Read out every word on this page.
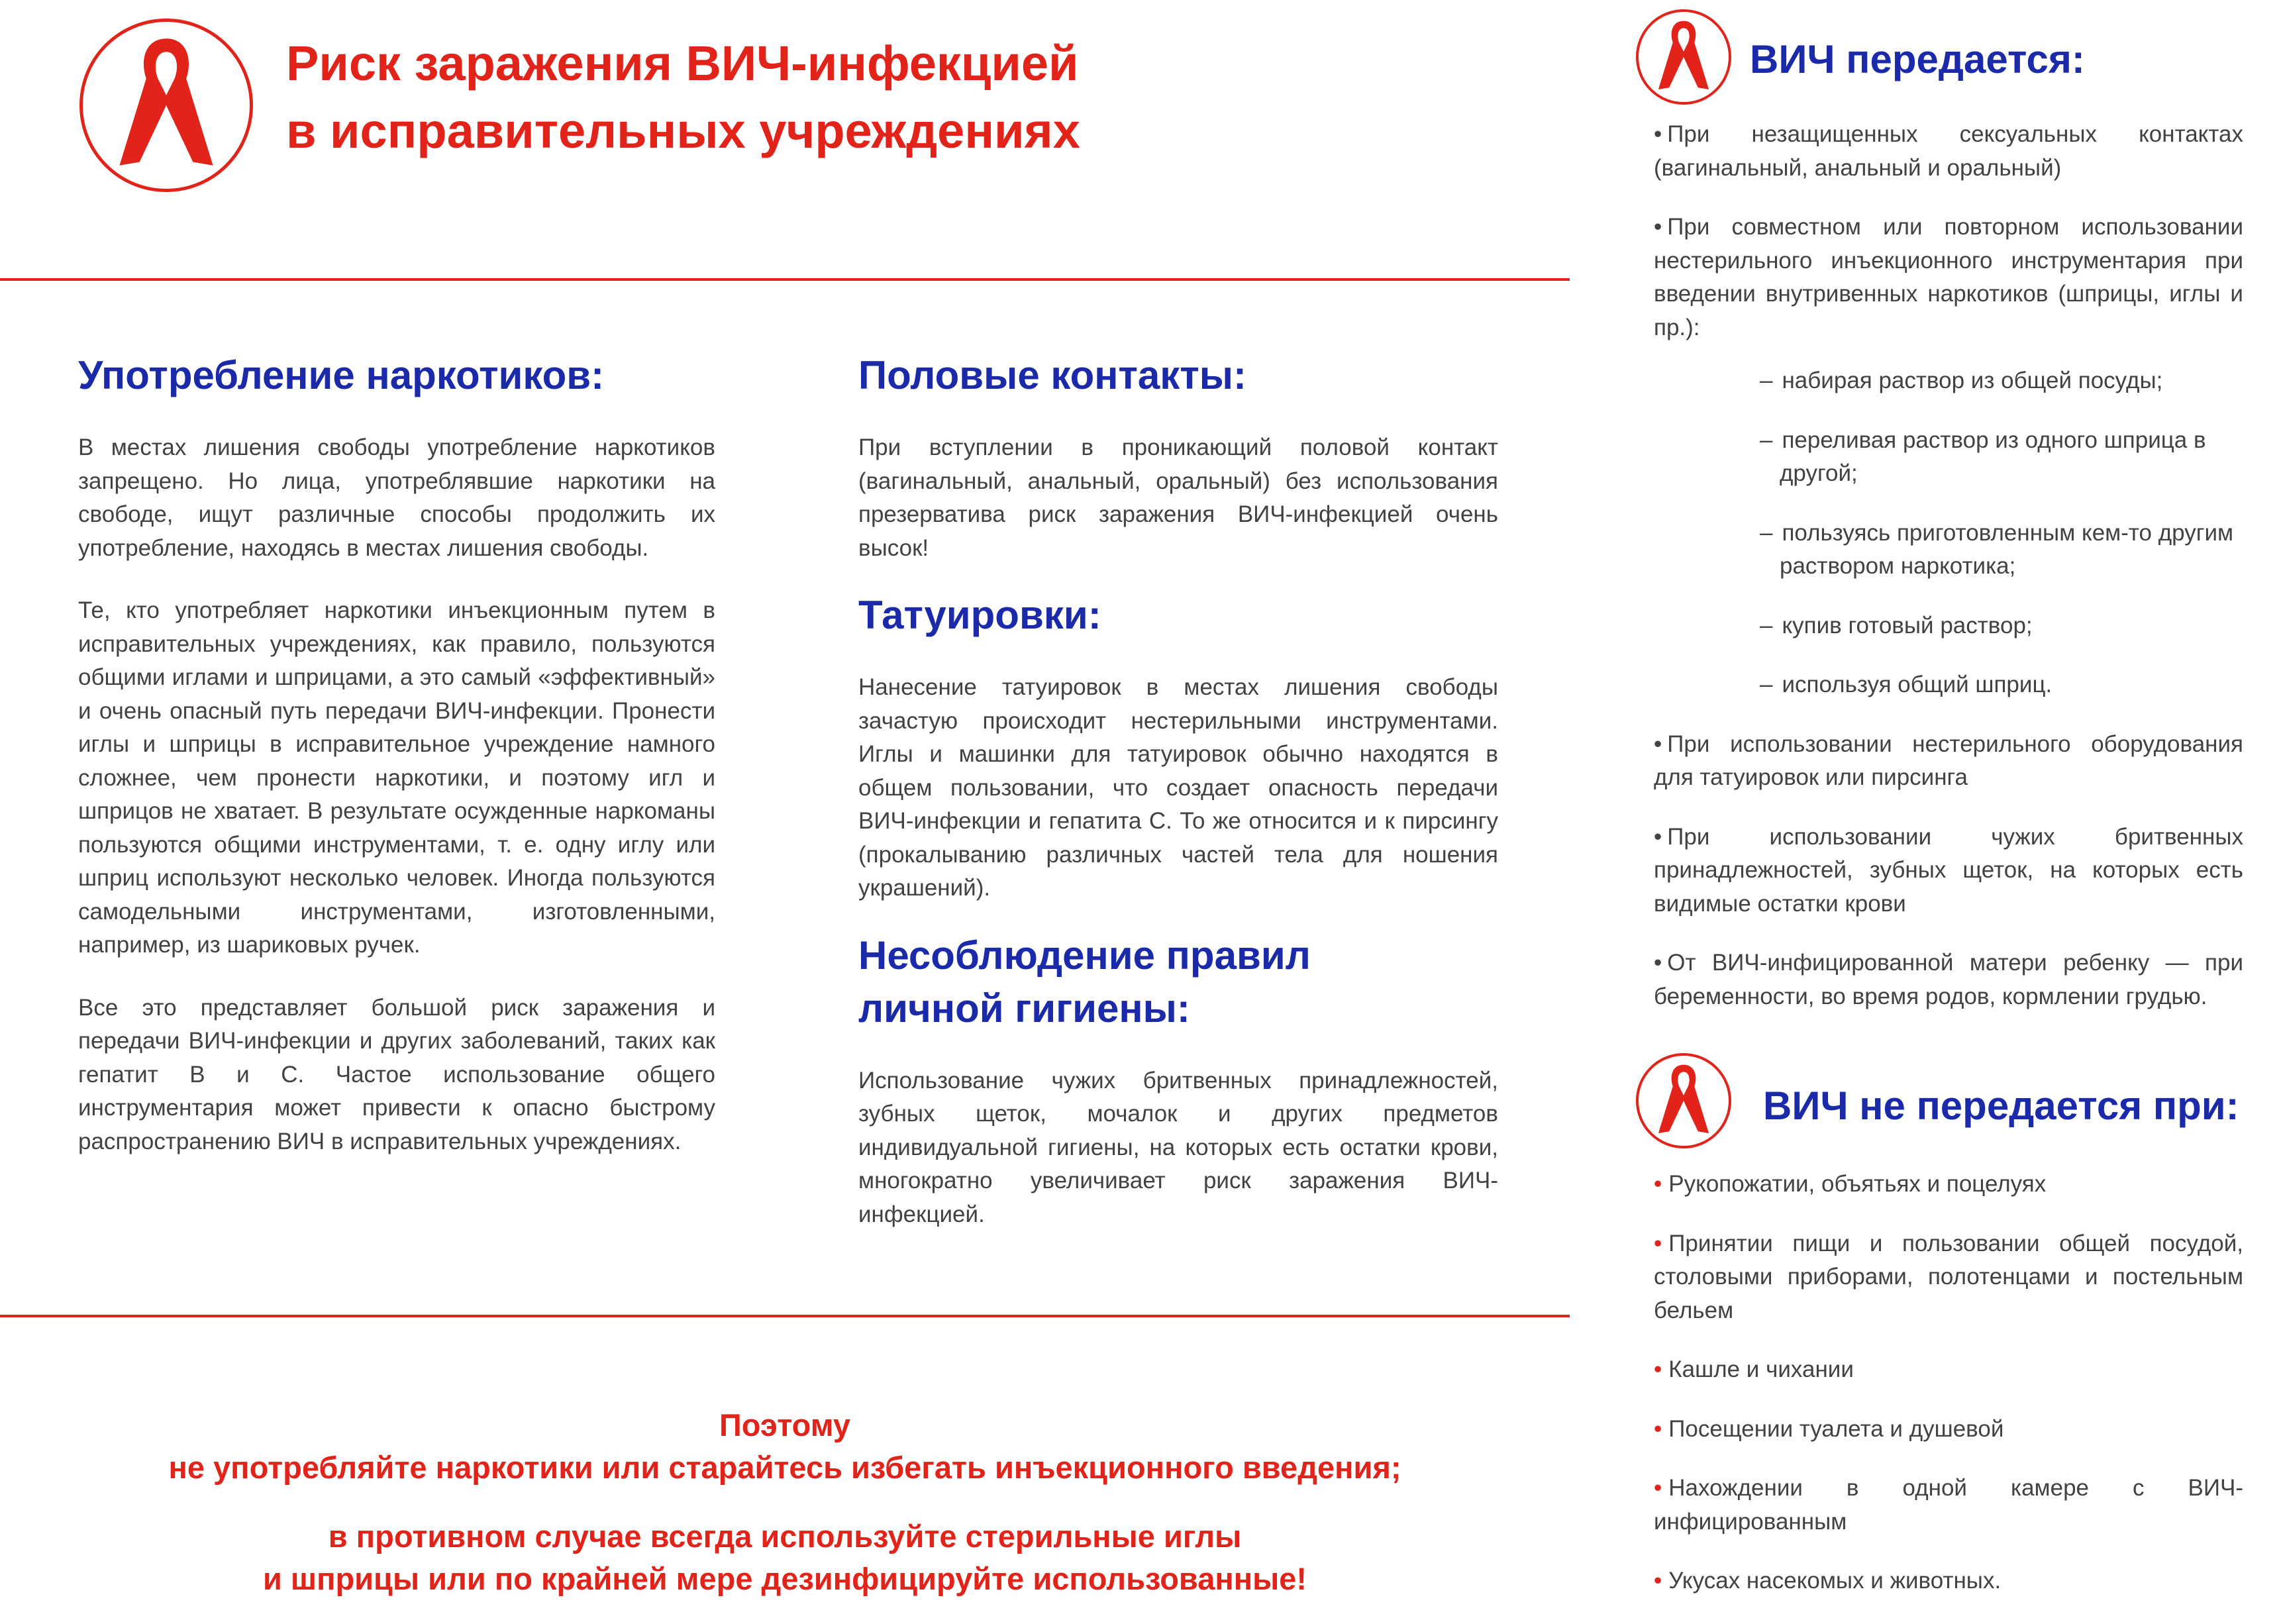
Риск заражения ВИЧ-инфекцией

в исправительных учреждениях

Употребление наркотиков:

В местах лишения свободы употребление наркотиков запрещено. Но лица, употреблявшие наркотики на свободе, ищут различные способы продолжить их употребление, находясь в местах лишения свободы.

Те, кто употребляет наркотики инъекционным путем в исправительных учреждениях, как правило, пользуются общими иглами и шприцами, а это самый «эффективный» и очень опасный путь передачи ВИЧ-инфекции. Пронести иглы и шприцы в исправительное учреждение намного сложнее, чем пронести наркотики, и поэтому игл и шприцов не хватает. В результате осужденные наркоманы пользуются общими инструментами, т. е. одну иглу или шприц используют несколько человек. Иногда пользуются самодельными инструментами, изготовленными, например, из шариковых ручек.

Все это представляет большой риск заражения и передачи ВИЧ-инфекции и других заболеваний, таких как гепатит В и С. Частое использование общего инструментария может привести к опасно быстрому распространению ВИЧ в исправительных учреждениях.

Половые контакты:

При вступлении в проникающий половой контакт (вагинальный, анальный, оральный) без использования презерватива риск заражения ВИЧ-инфекцией очень высок!

Татуировки:

Нанесение татуировок в местах лишения свободы зачастую происходит нестерильными инструментами. Иглы и машинки для татуировок обычно находятся в общем пользовании, что создает опасность передачи ВИЧ-инфекции и гепатита С. То же относится и к пирсингу (прокалыванию различных частей тела для ношения украшений).

Несоблюдение правил
личной гигиены:

Использование чужих бритвенных принадлежностей, зубных щеток, мочалок и других предметов индивидуальной гигиены, на которых есть остатки крови, многократно увеличивает риск заражения ВИЧ-инфекцией.

ВИЧ передается:
• При незащищенных сексуальных контактах (вагинальный, анальный и оральный)
• При совместном или повторном использовании нестерильного инъекционного инструментария при введении внутривенных наркотиков (шприцы, иглы и пр.):
– набирая раствор из общей посуды;
– переливая раствор из одного шприца в другой;
– пользуясь приготовленным кем-то другим раствором наркотика;
– купив готовый раствор;
– используя общий шприц.
• При использовании нестерильного оборудования для татуировок или пирсинга
• При использовании чужих бритвенных принадлежностей, зубных щеток, на которых есть видимые остатки крови
• От ВИЧ-инфицированной матери ребенку — при беременности, во время родов, кормлении грудью.
ВИЧ не передается при:
• Рукопожатии, объятьях и поцелуях
• Принятии пищи и пользовании общей посудой, столовыми приборами, полотенцами и постельным бельем
• Кашле и чихании
• Посещении туалета и душевой
• Нахождении в одной камере с ВИЧ-инфицированным
• Укусах насекомых и животных.

Поэтому

не употребляйте наркотики или старайтесь избегать инъекционного введения;

в противном случае всегда используйте стерильные иглы

и шприцы или по крайней мере дезинфицируйте использованные!
